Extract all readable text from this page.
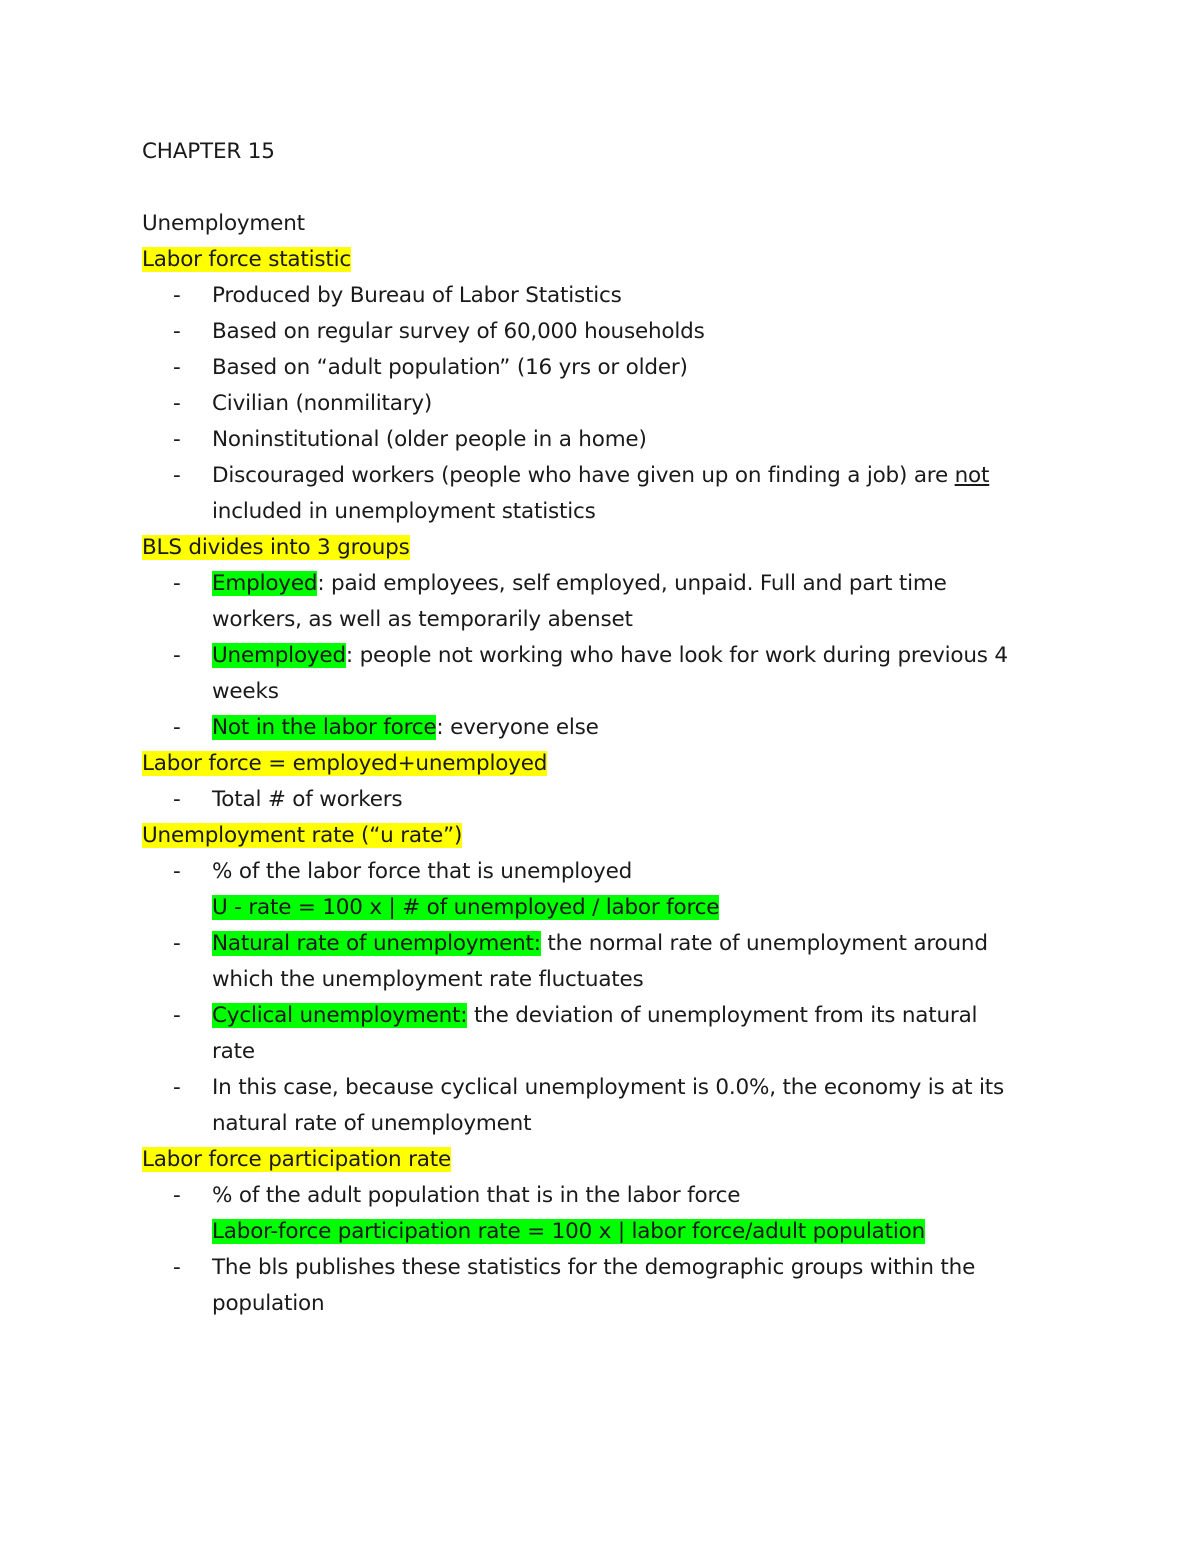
CHAPTER 15
Unemployment
Labor force statistic
- Produced by Bureau of Labor Statistics
- Based on regular survey of 60,000 households
- Based on “adult population” (16 yrs or older)
- Civilian (nonmilitary)
- Noninstitutional (older people in a home)
- Discouraged workers (people who have given up on finding a job) are not
included in unemployment statistics
BLS divides into 3 groups
- Employed: paid employees, self employed, unpaid. Full and part time
workers, as well as temporarily abenset
- Unemployed: people not working who have look for work during previous 4
weeks
- Not in the labor force: everyone else
Labor force = employed+unemployed
- Total # of workers
Unemployment rate (“u rate”)
- % of the labor force that is unemployed
U - rate = 100 x | # of unemployed / labor force
- Natural rate of unemployment: the normal rate of unemployment around
which the unemployment rate fluctuates
- Cyclical unemployment: the deviation of unemployment from its natural
rate
- In this case, because cyclical unemployment is 0.0%, the economy is at its
natural rate of unemployment
Labor force participation rate
- % of the adult population that is in the labor force
Labor-force participation rate = 100 x | labor force/adult population
- The bls publishes these statistics for the demographic groups within the
population
